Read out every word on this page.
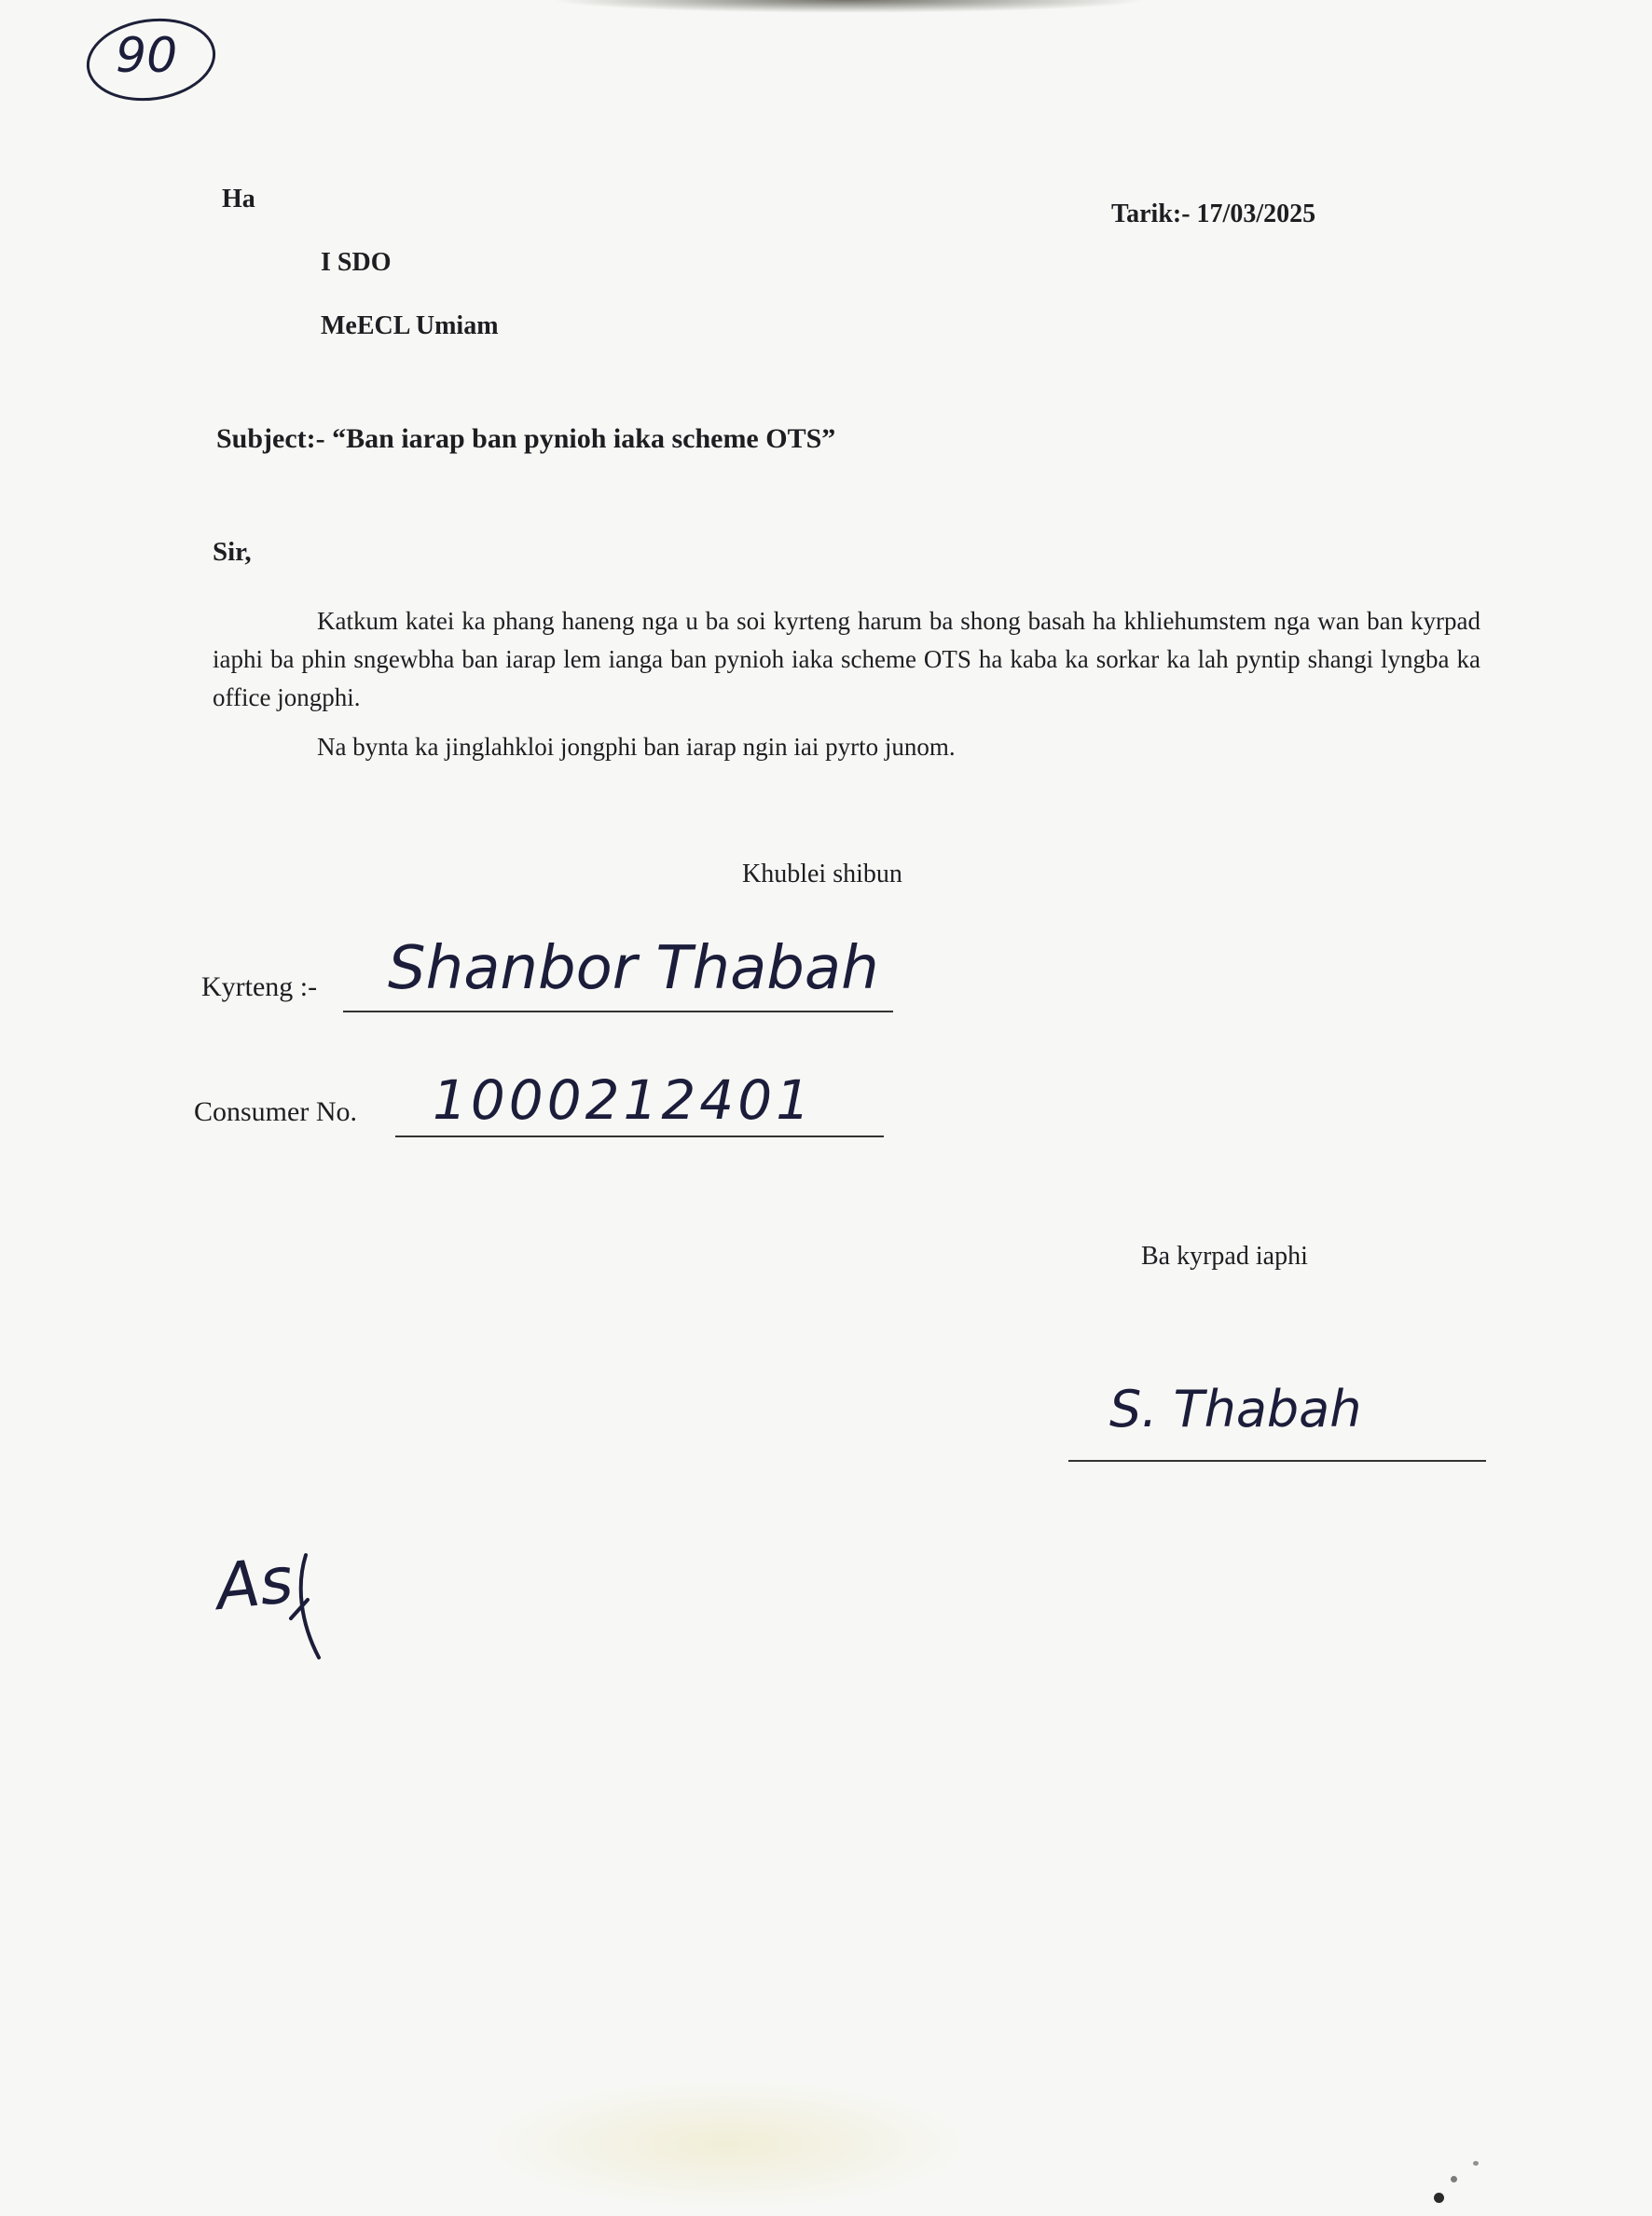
90
Ha
Tarik:- 17/03/2025
I SDO
MeECL Umiam
Subject:- “Ban iarap ban pynioh iaka scheme OTS”
Sir,

Katkum katei ka phang haneng nga u ba soi kyrteng harum ba shong basah ha khliehumstem nga wan ban kyrpad iaphi ba phin sngewbha ban iarap lem ianga ban pynioh iaka scheme OTS ha kaba ka sorkar ka lah pyntip shangi lyngba ka office jongphi.

Na bynta ka jinglahkloi jongphi ban iarap ngin iai pyrto junom.

Khublei shibun
Kyrteng :- Shanbor Thabah
Consumer No. 1000212401
Ba kyrpad iaphi
S. Thabah
As
